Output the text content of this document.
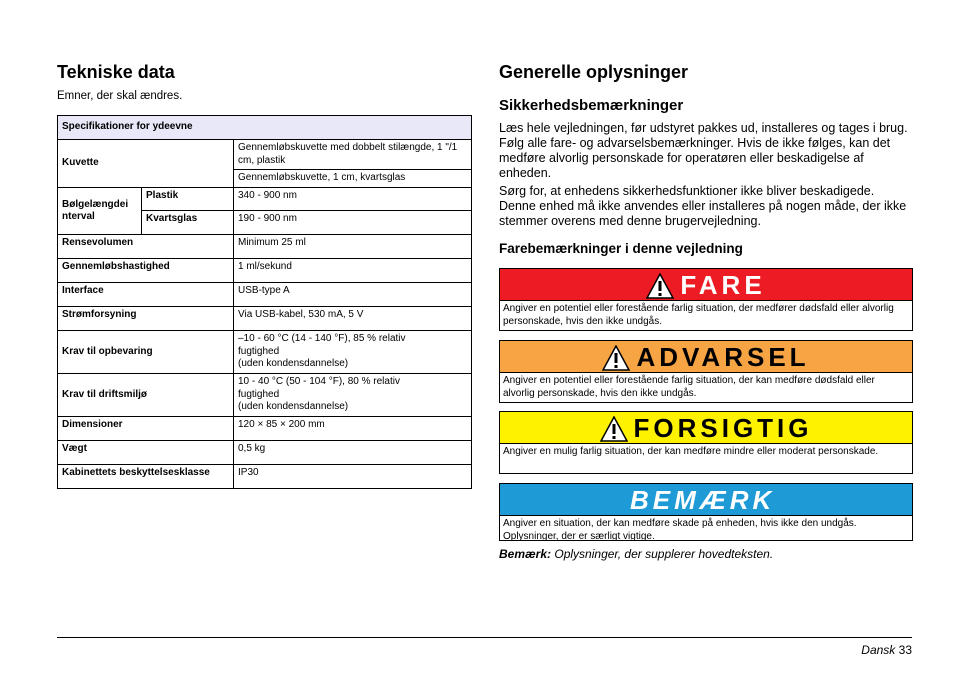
Tekniske data
Emner, der skal ændres.
Specifikationer for ydeevne		
Kuvette		Gennemløbskuvette med dobbelt stilængde, 1 "/1 cm, plastik
		Gennemløbskuvette, 1 cm, kvartsglas
Bølgelængdei nterval	Plastik	340 - 900 nm
	Kvartsglas	190 - 900 nm
Rensevolumen		Minimum 25 ml
Gennemløbshastighed		1 ml/sekund
Interface		USB-type A
Strømforsyning		Via USB-kabel, 530 mA, 5 V
Krav til opbevaring		–10 - 60 °C (14 - 140 °F), 85 % relativ
fugtighed
(uden kondensdannelse)

Krav til driftsmiljø		10 - 40 °C (50 - 104 °F), 80 % relativ
fugtighed
(uden kondensdannelse)

Dimensioner		120 × 85 × 200 mm
Vægt		0,5 kg
Kabinettets beskyttelsesklasse		IP30
Generelle oplysninger
Sikkerhedsbemærkninger
Læs hele vejledningen, før udstyret pakkes ud, installeres og tages i brug. Følg alle fare- og advarselsbemærkninger. Hvis de ikke følges, kan det medføre alvorlig personskade for operatøren eller beskadigelse af enheden.
Sørg for, at enhedens sikkerhedsfunktioner ikke bliver beskadigede. Denne enhed må ikke anvendes eller installeres på nogen måde, der ikke stemmer overens med denne brugervejledning.
Farebemærkninger i denne vejledning
FARE
Angiver en potentiel eller forestående farlig situation, der medfører dødsfald eller alvorlig personskade, hvis den ikke undgås.
ADVARSEL
Angiver en potentiel eller forestående farlig situation, der kan medføre dødsfald eller alvorlig personskade, hvis den ikke undgås.
FORSIGTIG
Angiver en mulig farlig situation, der kan medføre mindre eller moderat personskade.
BEMÆRK
Angiver en situation, der kan medføre skade på enheden, hvis ikke den undgås. Oplysninger, der er særligt vigtige.
Bemærk: Oplysninger, der supplerer hovedteksten.
Dansk 33
